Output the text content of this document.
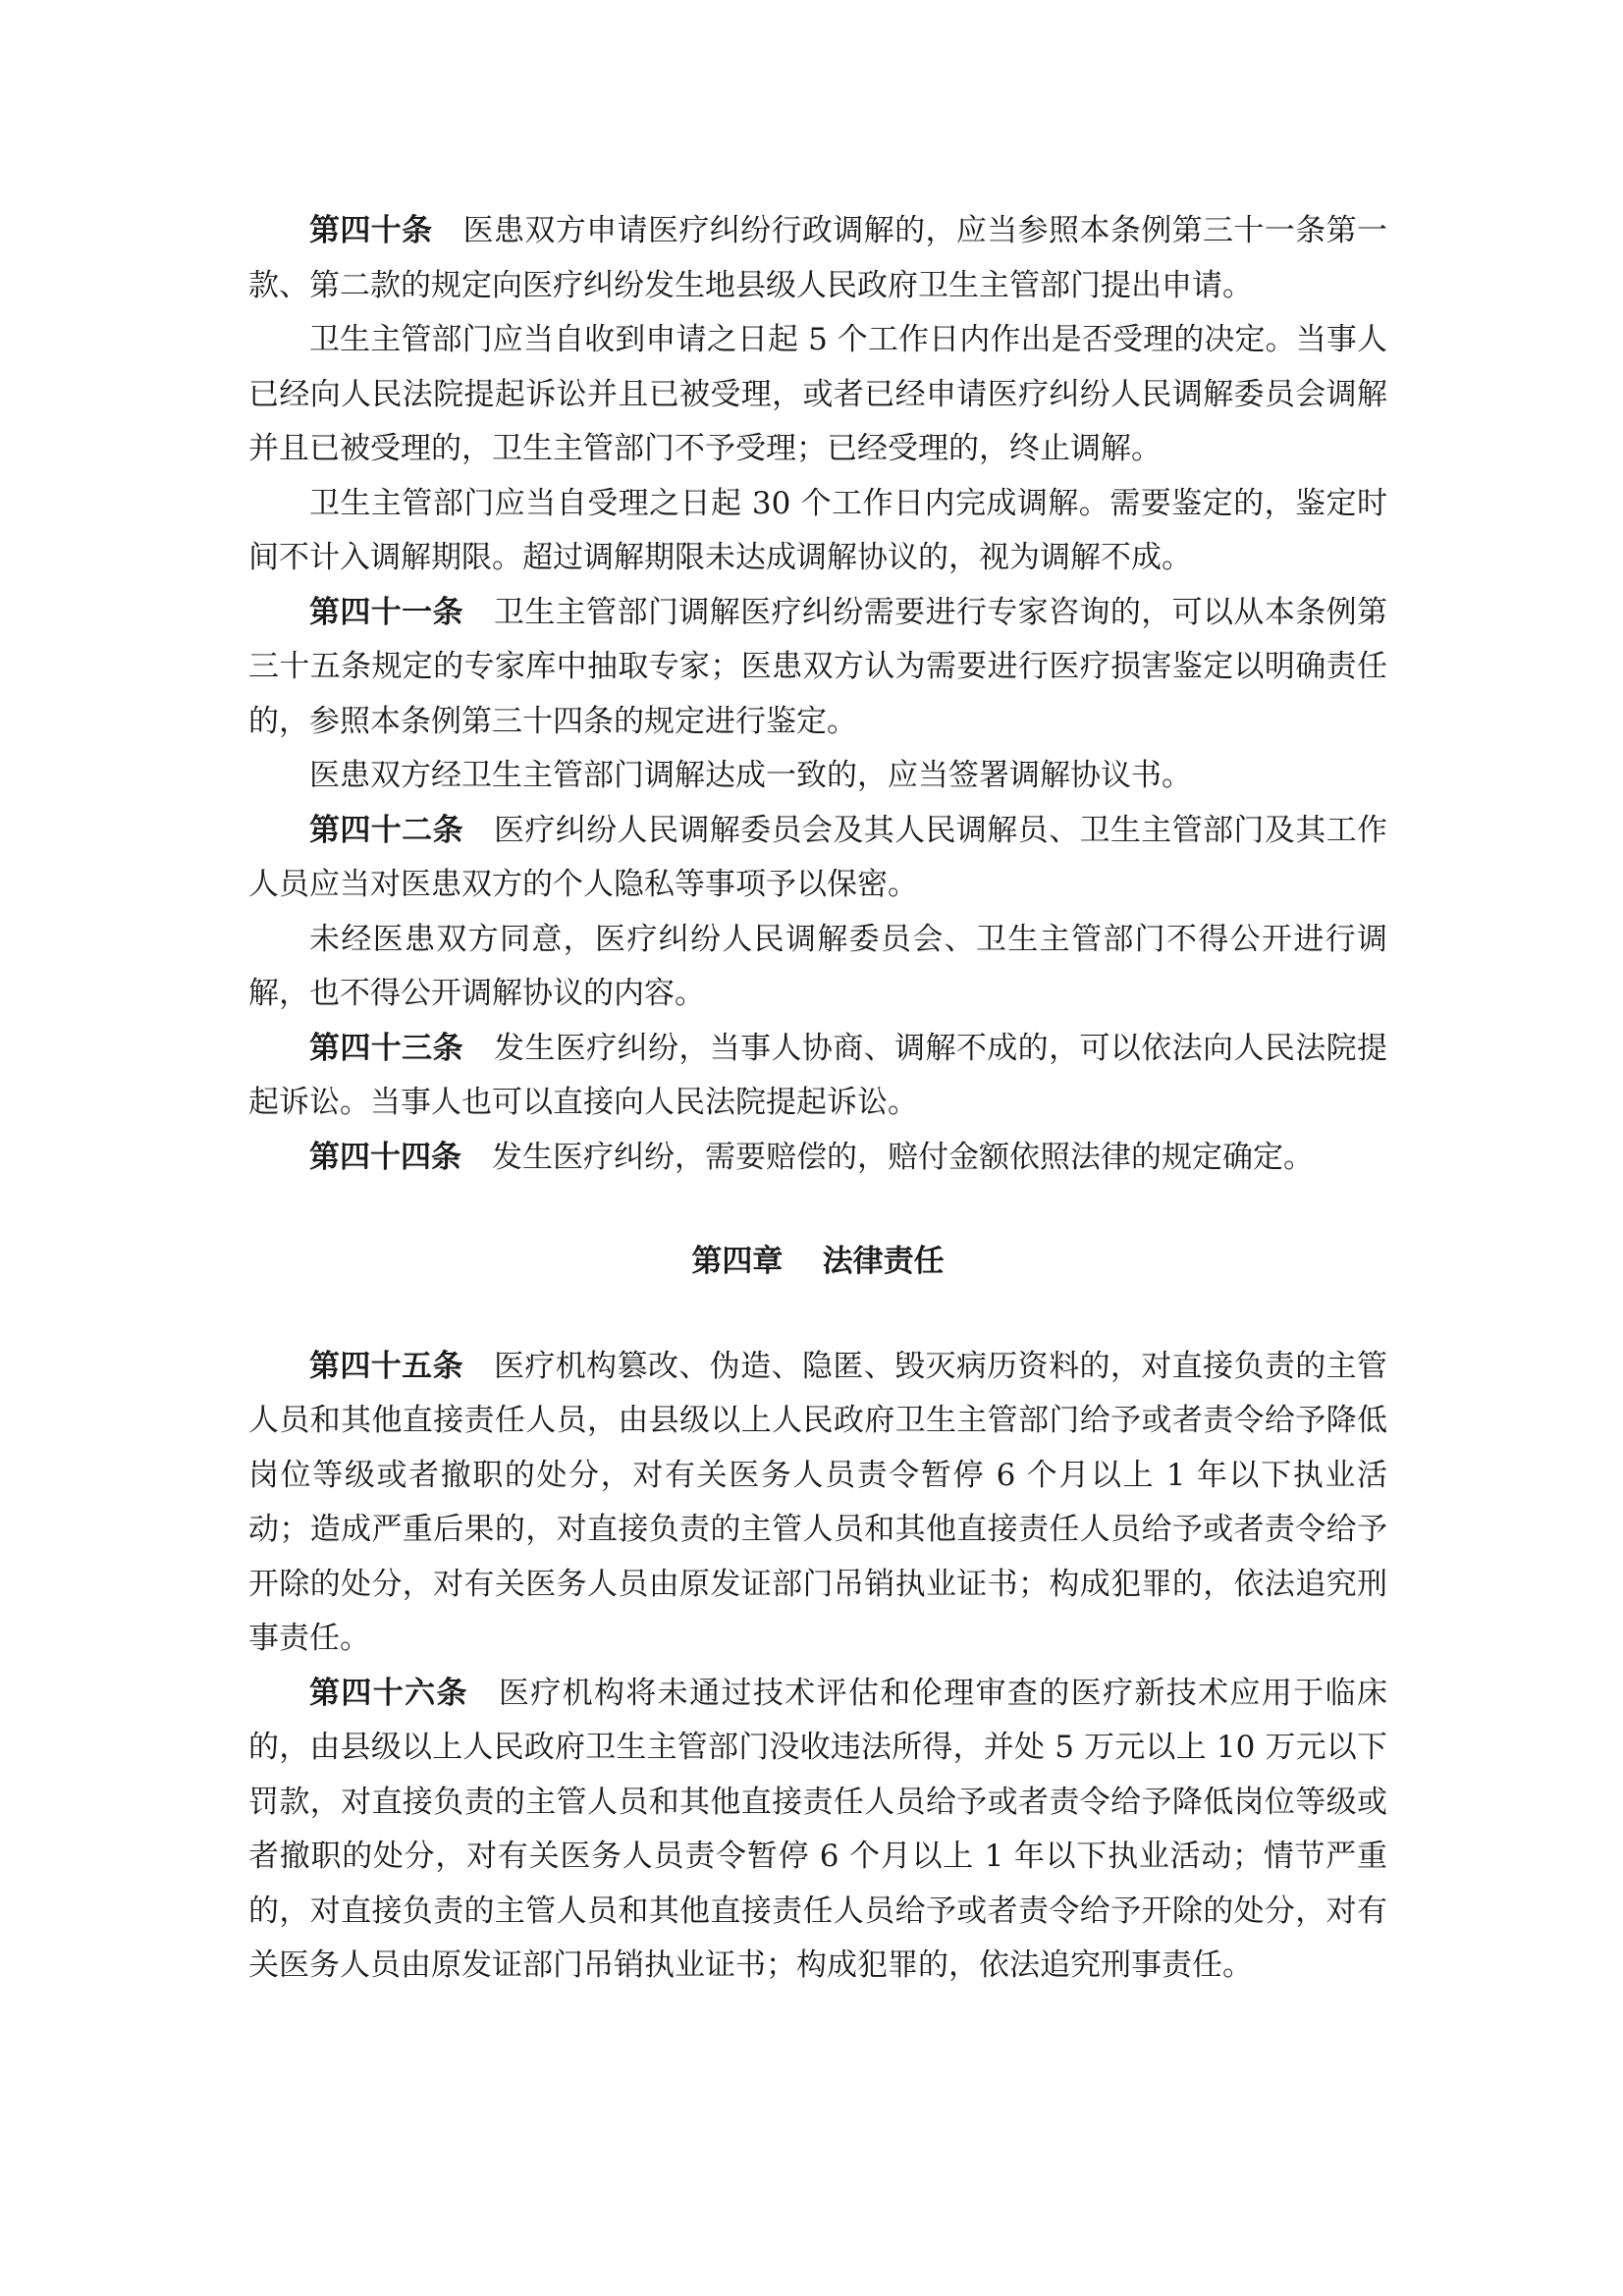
第四十条 医患双方申请医疗纠纷行政调解的，应当参照本条例第三十一条第一款、第二款的规定向医疗纠纷发生地县级人民政府卫生主管部门提出申请。

卫生主管部门应当自收到申请之日起 5 个工作日内作出是否受理的决定。当事人已经向人民法院提起诉讼并且已被受理，或者已经申请医疗纠纷人民调解委员会调解并且已被受理的，卫生主管部门不予受理；已经受理的，终止调解。

卫生主管部门应当自受理之日起 30 个工作日内完成调解。需要鉴定的，鉴定时间不计入调解期限。超过调解期限未达成调解协议的，视为调解不成。

第四十一条 卫生主管部门调解医疗纠纷需要进行专家咨询的，可以从本条例第三十五条规定的专家库中抽取专家；医患双方认为需要进行医疗损害鉴定以明确责任的，参照本条例第三十四条的规定进行鉴定。

医患双方经卫生主管部门调解达成一致的，应当签署调解协议书。

第四十二条 医疗纠纷人民调解委员会及其人民调解员、卫生主管部门及其工作人员应当对医患双方的个人隐私等事项予以保密。

未经医患双方同意，医疗纠纷人民调解委员会、卫生主管部门不得公开进行调解，也不得公开调解协议的内容。

第四十三条 发生医疗纠纷，当事人协商、调解不成的，可以依法向人民法院提起诉讼。当事人也可以直接向人民法院提起诉讼。

第四十四条 发生医疗纠纷，需要赔偿的，赔付金额依照法律的规定确定。

第四章 法律责任

第四十五条 医疗机构篡改、伪造、隐匿、毁灭病历资料的，对直接负责的主管人员和其他直接责任人员，由县级以上人民政府卫生主管部门给予或者责令给予降低岗位等级或者撤职的处分，对有关医务人员责令暂停 6 个月以上 1 年以下执业活动；造成严重后果的，对直接负责的主管人员和其他直接责任人员给予或者责令给予开除的处分，对有关医务人员由原发证部门吊销执业证书；构成犯罪的，依法追究刑事责任。

第四十六条 医疗机构将未通过技术评估和伦理审查的医疗新技术应用于临床的，由县级以上人民政府卫生主管部门没收违法所得，并处 5 万元以上 10 万元以下罚款，对直接负责的主管人员和其他直接责任人员给予或者责令给予降低岗位等级或者撤职的处分，对有关医务人员责令暂停 6 个月以上 1 年以下执业活动；情节严重的，对直接负责的主管人员和其他直接责任人员给予或者责令给予开除的处分，对有关医务人员由原发证部门吊销执业证书；构成犯罪的，依法追究刑事责任。
